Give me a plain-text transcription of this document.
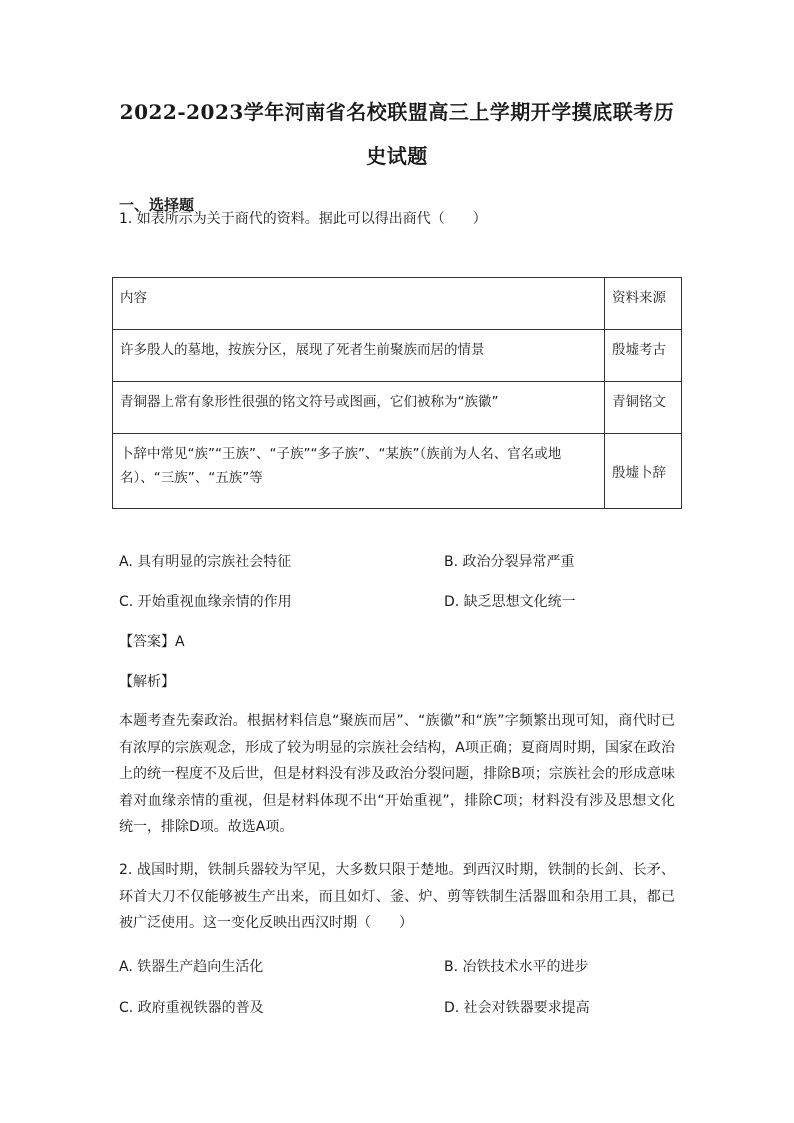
2022-2023学年河南省名校联盟高三上学期开学摸底联考历
史试题
一、选择题
1. 如表所示为关于商代的资料。据此可以得出商代（　　）
内容	资料来源
许多殷人的墓地，按族分区，展现了死者生前聚族而居的情景	殷墟考古
青铜器上常有象形性很强的铭文符号或图画，它们被称为“族徽”	青铜铭文
卜辞中常见“族”“王族”、“子族”“多子族”、“某族”（族前为人名、官名或地名）、“三族”、“五族”等	殷墟卜辞
A. 具有明显的宗族社会特征	B. 政治分裂异常严重
C. 开始重视血缘亲情的作用	D. 缺乏思想文化统一
【答案】A
【解析】
本题考查先秦政治。根据材料信息“聚族而居”、“族徽”和“族”字频繁出现可知，商代时已有浓厚的宗族观念，形成了较为明显的宗族社会结构，A项正确；夏商周时期，国家在政治上的统一程度不及后世，但是材料没有涉及政治分裂问题，排除B项；宗族社会的形成意味着对血缘亲情的重视，但是材料体现不出“开始重视”，排除C项；材料没有涉及思想文化统一，排除D项。故选A项。
2. 战国时期，铁制兵器较为罕见，大多数只限于楚地。到西汉时期，铁制的长剑、长矛、环首大刀不仅能够被生产出来，而且如灯、釜、炉、剪等铁制生活器皿和杂用工具，都已被广泛使用。这一变化反映出西汉时期（　　）
A. 铁器生产趋向生活化	B. 冶铁技术水平的进步
C. 政府重视铁器的普及	D. 社会对铁器要求提高
